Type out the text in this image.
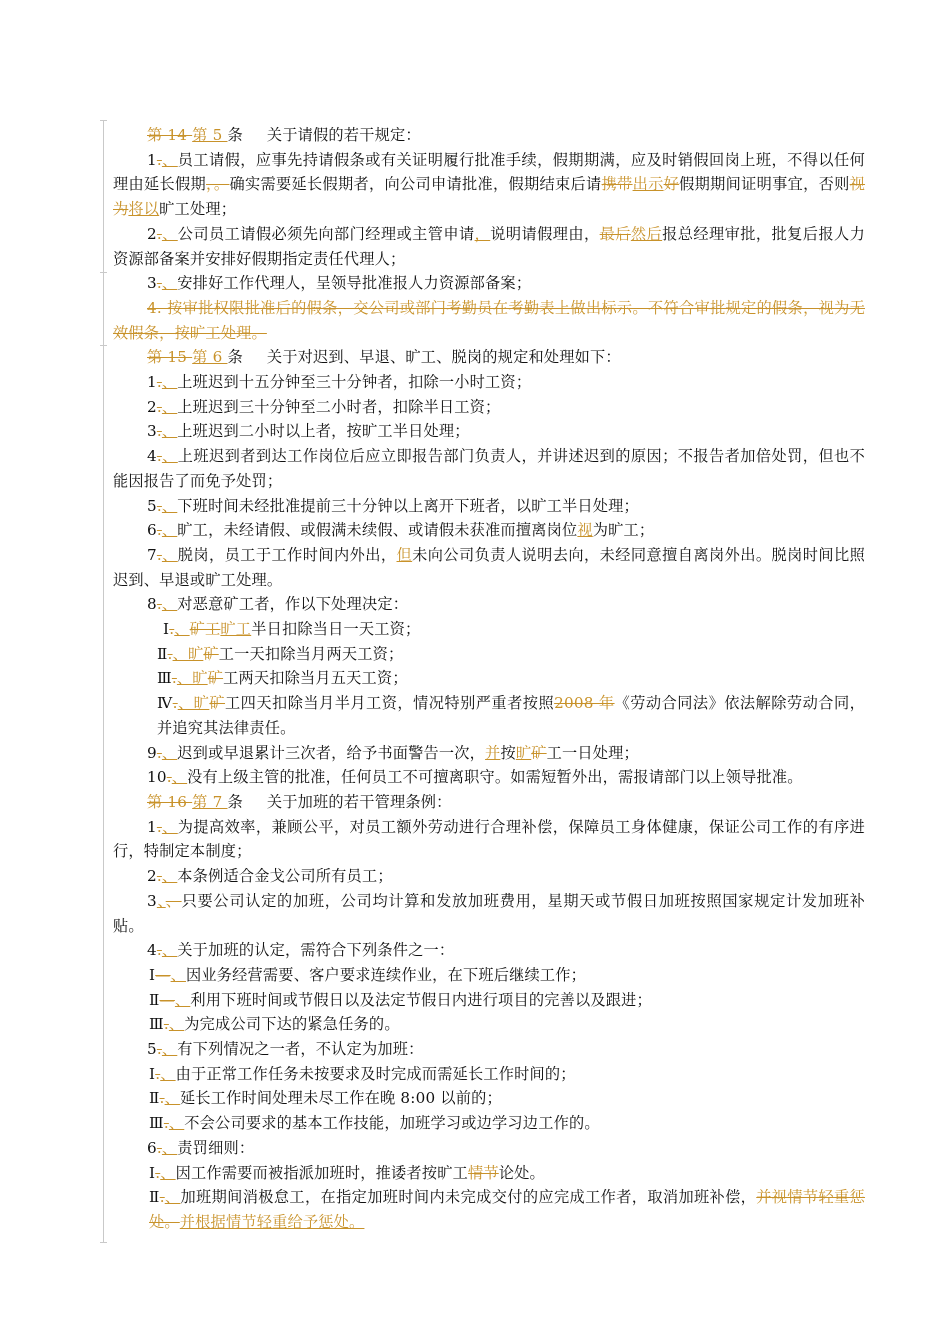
第 14 第 5 条 关于请假的若干规定：

1.、员工请假，应事先持请假条或有关证明履行批准手续，假期期满，应及时销假回岗上班，不得以任何理由延长假期，。确实需要延长假期者，向公司申请批准，假期结束后请携带出示好假期期间证明事宜，否则视为将以旷工处理；

2.、公司员工请假必须先向部门经理或主管申请，说明请假理由，最后然后报总经理审批，批复后报人力资源部备案并安排好假期指定责任代理人；

3.、安排好工作代理人，呈领导批准报人力资源部备案；

4. 按审批权限批准后的假条，交公司或部门考勤员在考勤表上做出标示。不符合审批规定的假条，视为无效假条，按旷工处理。

第 15 第 6 条 关于对迟到、早退、旷工、脱岗的规定和处理如下：

1.、上班迟到十五分钟至三十分钟者，扣除一小时工资；

2.、上班迟到三十分钟至二小时者，扣除半日工资；

3.、上班迟到二小时以上者，按旷工半日处理；

4.、上班迟到者到达工作岗位后应立即报告部门负责人，并讲述迟到的原因；不报告者加倍处罚，但也不能因报告了而免予处罚；

5.、下班时间未经批准提前三十分钟以上离开下班者，以旷工半日处理；

6.、旷工，未经请假、或假满未续假、或请假未获准而擅离岗位视为旷工；

7.、脱岗，员工于工作时间内外出，但未向公司负责人说明去向，未经同意擅自离岗外出。脱岗时间比照迟到、早退或旷工处理。

8.、对恶意矿工者，作以下处理决定：

Ⅰ.、矿工旷工半日扣除当日一天工资；

Ⅱ.、旷矿工一天扣除当月两天工资；

Ⅲ.、旷矿工两天扣除当月五天工资；

Ⅳ.、旷矿工四天扣除当月半月工资，情况特别严重者按照2008 年《劳动合同法》依法解除劳动合同，并追究其法律责任。

9.、迟到或早退累计三次者，给予书面警告一次，并按旷矿工一日处理；

10.、没有上级主管的批准，任何员工不可擅离职守。如需短暂外出，需报请部门以上领导批准。

第 16 第 7 条 关于加班的若干管理条例：

1.、为提高效率，兼顾公平，对员工额外劳动进行合理补偿，保障员工身体健康，保证公司工作的有序进行，特制定本制度；

2.、本条例适合金戈公司所有员工；

3、、只要公司认定的加班，公司均计算和发放加班费用，星期天或节假日加班按照国家规定计发加班补贴。

4.、关于加班的认定，需符合下列条件之一：

Ⅰ—、因业务经营需要、客户要求连续作业，在下班后继续工作；

Ⅱ—、利用下班时间或节假日以及法定节假日内进行项目的完善以及跟进；

Ⅲ.、为完成公司下达的紧急任务的。

5.、有下列情况之一者，不认定为加班：

Ⅰ.、由于正常工作任务未按要求及时完成而需延长工作时间的；

Ⅱ.、延长工作时间处理未尽工作在晚 8:00 以前的；

Ⅲ.、不会公司要求的基本工作技能，加班学习或边学习边工作的。

6.、责罚细则：

Ⅰ.、因工作需要而被指派加班时，推诿者按旷工情节论处。

Ⅱ.、加班期间消极怠工，在指定加班时间内未完成交付的应完成工作者，取消加班补偿，并视情节轻重惩处。并根据情节轻重给予惩处。
